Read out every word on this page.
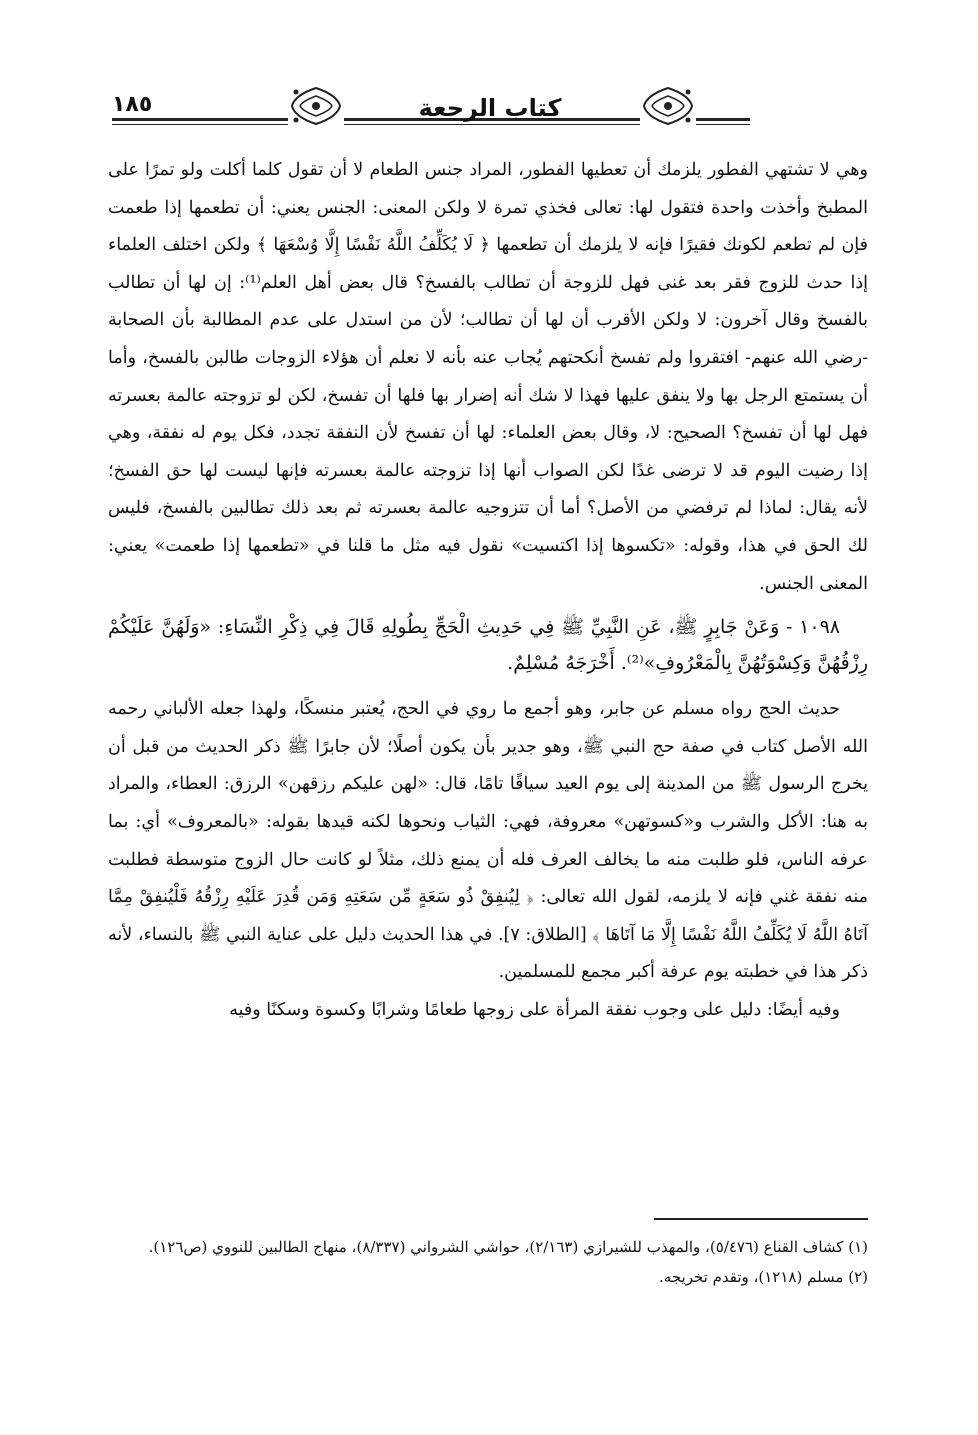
١٨٥	كتاب الرجعة

وهي لا تشتهي الفطور يلزمك أن تعطيها الفطور، المراد جنس الطعام لا أن تقول كلما أكلت ولو تمرًا على المطبخ وأخذت واحدة فتقول لها: تعالى فخذي تمرة لا ولكن المعنى: الجنس يعني: أن تطعمها إذا طعمت فإن لم تطعم لكونك فقيرًا فإنه لا يلزمك أن تطعمها ﴿ لَا يُكَلِّفُ اللَّهُ نَفْسًا إِلَّا وُسْعَهَا ﴾ ولكن اختلف العلماء إذا حدث للزوج فقر بعد غنى فهل للزوجة أن تطالب بالفسخ؟ قال بعض أهل العلم⁽¹⁾: إن لها أن تطالب بالفسخ وقال آخرون: لا ولكن الأقرب أن لها أن تطالب؛ لأن من استدل على عدم المطالبة بأن الصحابة -رضي الله عنهم- افتقروا ولم تفسخ أنكحتهم يُجاب عنه بأنه لا نعلم أن هؤلاء الزوجات طالبن بالفسخ، وأما أن يستمتع الرجل بها ولا ينفق عليها فهذا لا شك أنه إضرار بها فلها أن تفسخ، لكن لو تزوجته عالمة بعسرته فهل لها أن تفسخ؟ الصحيح: لا، وقال بعض العلماء: لها أن تفسخ لأن النفقة تجدد، فكل يوم له نفقة، وهي إذا رضيت اليوم قد لا ترضى غدًا لكن الصواب أنها إذا تزوجته عالمة بعسرته فإنها ليست لها حق الفسخ؛ لأنه يقال: لماذا لم ترفضي من الأصل؟ أما أن تتزوجيه عالمة بعسرته ثم بعد ذلك تطالبين بالفسخ، فليس لك الحق في هذا، وقوله: «تكسوها إذا اكتسيت» نقول فيه مثل ما قلنا في «تطعمها إذا طعمت» يعني: المعنى الجنس.

١٠٩٨ - وَعَنْ جَابِرٍ ﷺ، عَنِ النَّبِيِّ ﷺ فِي حَدِيثِ الْحَجِّ بِطُولِهِ قَالَ فِي ذِكْرِ النِّسَاءِ: «وَلَهُنَّ عَلَيْكُمْ رِزْقُهُنَّ وَكِسْوَتُهُنَّ بِالْمَعْرُوفِ»⁽²⁾. أَخْرَجَهُ مُسْلِمٌ.

حديث الحج رواه مسلم عن جابر، وهو أجمع ما روي في الحج، يُعتبر منسكًا، ولهذا جعله الألباني رحمه الله الأصل كتاب في صفة حج النبي ﷺ، وهو جدير بأن يكون أصلًا؛ لأن جابرًا ﷺ ذكر الحديث من قبل أن يخرج الرسول ﷺ من المدينة إلى يوم العيد سياقًا تامًا، قال: «لهن عليكم رزقهن» الرزق: العطاء، والمراد به هنا: الأكل والشرب و«كسوتهن» معروفة، فهي: الثياب ونحوها لكنه قيدها بقوله: «بالمعروف» أي: بما عرفه الناس، فلو طلبت منه ما يخالف العرف فله أن يمنع ذلك، مثلاً لو كانت حال الزوج متوسطة فطلبت منه نفقة غني فإنه لا يلزمه، لقول الله تعالى: ﴿ لِيُنفِقْ ذُو سَعَةٍ مِّن سَعَتِهِ وَمَن قُدِرَ عَلَيْهِ رِزْقُهُ فَلْيُنفِقْ مِمَّا آتَاهُ اللَّهُ لَا يُكَلِّفُ اللَّهُ نَفْسًا إِلَّا مَا آتَاهَا ﴾ [الطلاق: ٧]. في هذا الحديث دليل على عناية النبي ﷺ بالنساء، لأنه ذكر هذا في خطبته يوم عرفة أكبر مجمع للمسلمين.

وفيه أيضًا: دليل على وجوب نفقة المرأة على زوجها طعامًا وشرابًا وكسوة وسكنًا وفيه

(١) كشاف القناع (٥/٤٧٦)، والمهذب للشيرازي (٢/١٦٣)، حواشي الشرواني (٨/٣٣٧)، منهاج الطالبين للنووي (ص١٢٦).

(٢) مسلم (١٢١٨)، وتقدم تخريجه.
